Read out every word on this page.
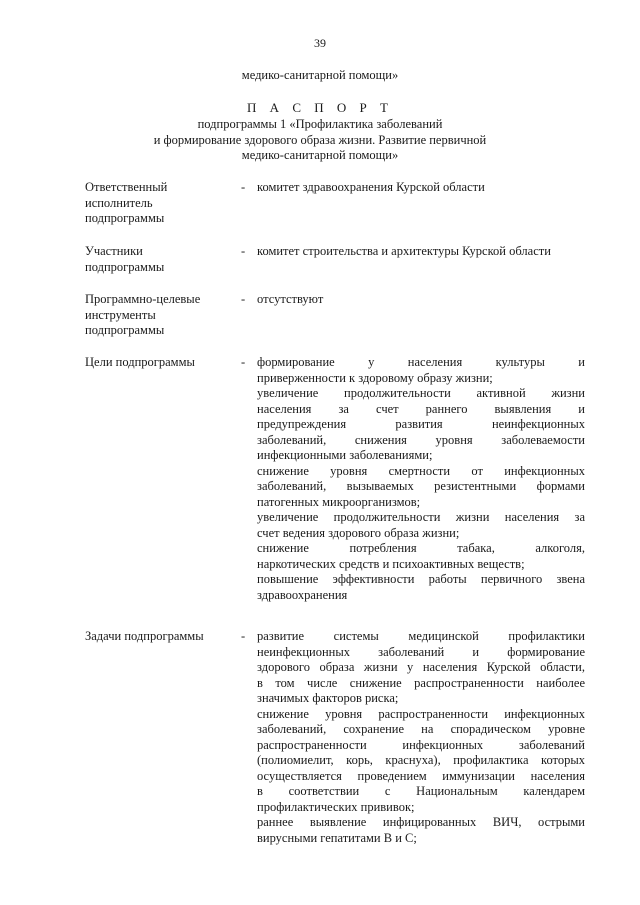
39
медико-санитарной помощи»
П А С П О Р Т
подпрограммы 1 «Профилактика заболеваний
и формирование здорового образа жизни. Развитие первичной
медико-санитарной помощи»
Ответственный
исполнитель
подпрограммы
- комитет здравоохранения Курской области
Участники
подпрограммы
- комитет строительства и архитектуры Курской области
Программно-целевые
инструменты
подпрограммы
- отсутствуют
Цели подпрограммы	- формирование у населения культуры и
приверженности к здоровому образу жизни;
увеличение продолжительности активной жизни
населения за счет раннего выявления и
предупреждения развития неинфекционных
заболеваний, снижения уровня заболеваемости
инфекционными заболеваниями;
снижение уровня смертности от инфекционных
заболеваний, вызываемых резистентными формами
патогенных микроорганизмов;
увеличение продолжительности жизни населения за
счет ведения здорового образа жизни;
снижение потребления табака, алкоголя,
наркотических средств и психоактивных веществ;
повышение эффективности работы первичного звена
здравоохранения
Задачи подпрограммы	- развитие системы медицинской профилактики
неинфекционных заболеваний и формирование
здорового образа жизни у населения Курской области,
в том числе снижение распространенности наиболее
значимых факторов риска;
снижение уровня распространенности инфекционных
заболеваний, сохранение на спорадическом уровне
распространенности инфекционных заболеваний
(полиомиелит, корь, краснуха), профилактика которых
осуществляется проведением иммунизации населения
в соответствии с Национальным календарем
профилактических прививок;
раннее выявление инфицированных ВИЧ, острыми
вирусными гепатитами В и С;
